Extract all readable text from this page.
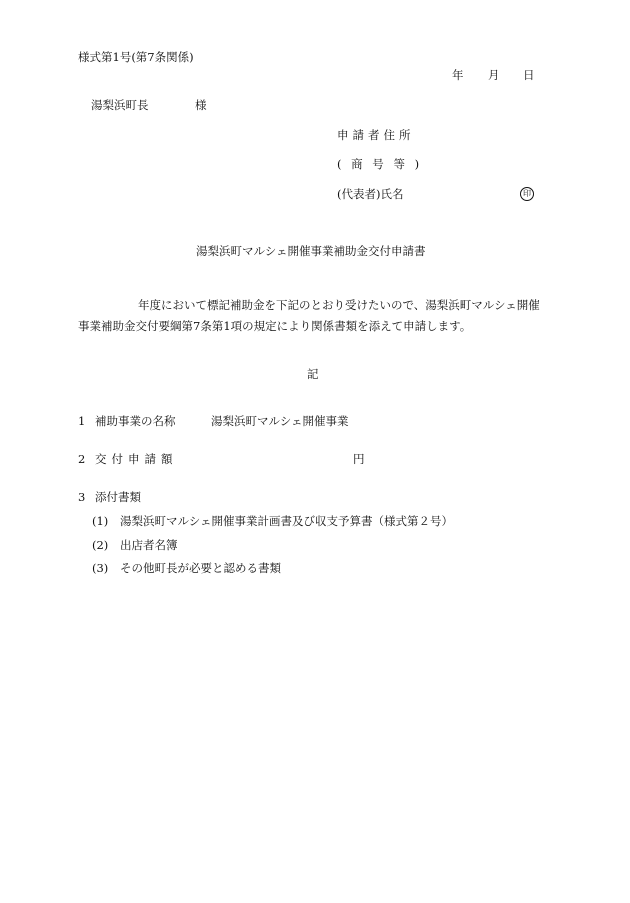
様式第1号(第7条関係)
年 月 日
湯梨浜町長	様
申請者住所
( 商 号 等 )
(代表者)氏名	印
湯梨浜町マルシェ開催事業補助金交付申請書
年度において標記補助金を下記のとおり受けたいので、湯梨浜町マルシェ開催
事業補助金交付要綱第7条第1項の規定により関係書類を添えて申請します。
記
1 補助事業の名称	湯梨浜町マルシェ開催事業
2 交付申請額	円
3 添付書類
(1) 湯梨浜町マルシェ開催事業計画書及び収支予算書（様式第２号）
(2) 出店者名簿
(3) その他町長が必要と認める書類
